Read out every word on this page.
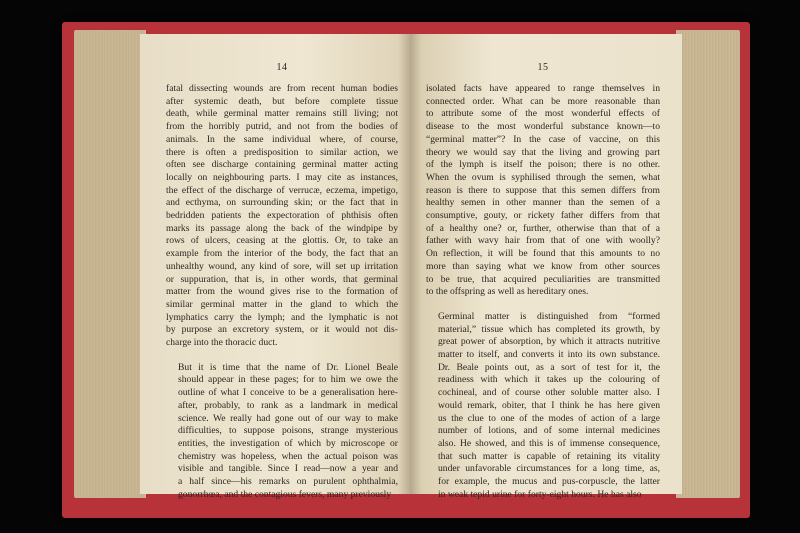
14
fatal dissecting wounds are from recent human bodies
after systemic death, but before complete tissue
death, while germinal matter remains still living; not
from the horribly putrid, and not from the bodies of
animals. In the same individual where, of course,
there is often a predisposition to similar action, we
often see discharge containing germinal matter acting
locally on neighbouring parts. I may cite as instances,
the effect of the discharge of verrucæ, eczema, impetigo,
and ecthyma, on surrounding skin; or the fact that in
bedridden patients the expectoration of phthisis often
marks its passage along the back of the windpipe by
rows of ulcers, ceasing at the glottis. Or, to take an
example from the interior of the body, the fact that an
unhealthy wound, any kind of sore, will set up irritation
or suppuration, that is, in other words, that germinal
matter from the wound gives rise to the formation of
similar germinal matter in the gland to which the
lymphatics carry the lymph; and the lymphatic is not
by purpose an excretory system, or it would not dis-
charge into the thoracic duct.
But it is time that the name of Dr. Lionel Beale
should appear in these pages; for to him we owe the
outline of what I conceive to be a generalisation here-
after, probably, to rank as a landmark in medical
science. We really had gone out of our way to make
difficulties, to suppose poisons, strange mysterious
entities, the investigation of which by microscope or
chemistry was hopeless, when the actual poison was
visible and tangible. Since I read—now a year and
a half since—his remarks on purulent ophthalmia,
gonorrhœa, and the contagious fevers, many previously
15
isolated facts have appeared to range themselves in
connected order. What can be more reasonable than
to attribute some of the most wonderful effects of
disease to the most wonderful substance known—to
“germinal matter”? In the case of vaccine, on this
theory we would say that the living and growing part
of the lymph is itself the poison; there is no other.
When the ovum is syphilised through the semen, what
reason is there to suppose that this semen differs from
healthy semen in other manner than the semen of a
consumptive, gouty, or rickety father differs from that
of a healthy one? or, further, otherwise than that of a
father with wavy hair from that of one with woolly?
On reflection, it will be found that this amounts to no
more than saying what we know from other sources
to be true, that acquired peculiarities are transmitted
to the offspring as well as hereditary ones.
Germinal matter is distinguished from “formed
material,” tissue which has completed its growth, by
great power of absorption, by which it attracts nutritive
matter to itself, and converts it into its own substance.
Dr. Beale points out, as a sort of test for it, the
readiness with which it takes up the colouring of
cochineal, and of course other soluble matter also. I
would remark, obiter, that I think he has here given
us the clue to one of the modes of action of a large
number of lotions, and of some internal medicines
also. He showed, and this is of immense consequence,
that such matter is capable of retaining its vitality
under unfavorable circumstances for a long time, as,
for example, the mucus and pus-corpuscle, the latter
in weak tepid urine for forty-eight hours. He has also
